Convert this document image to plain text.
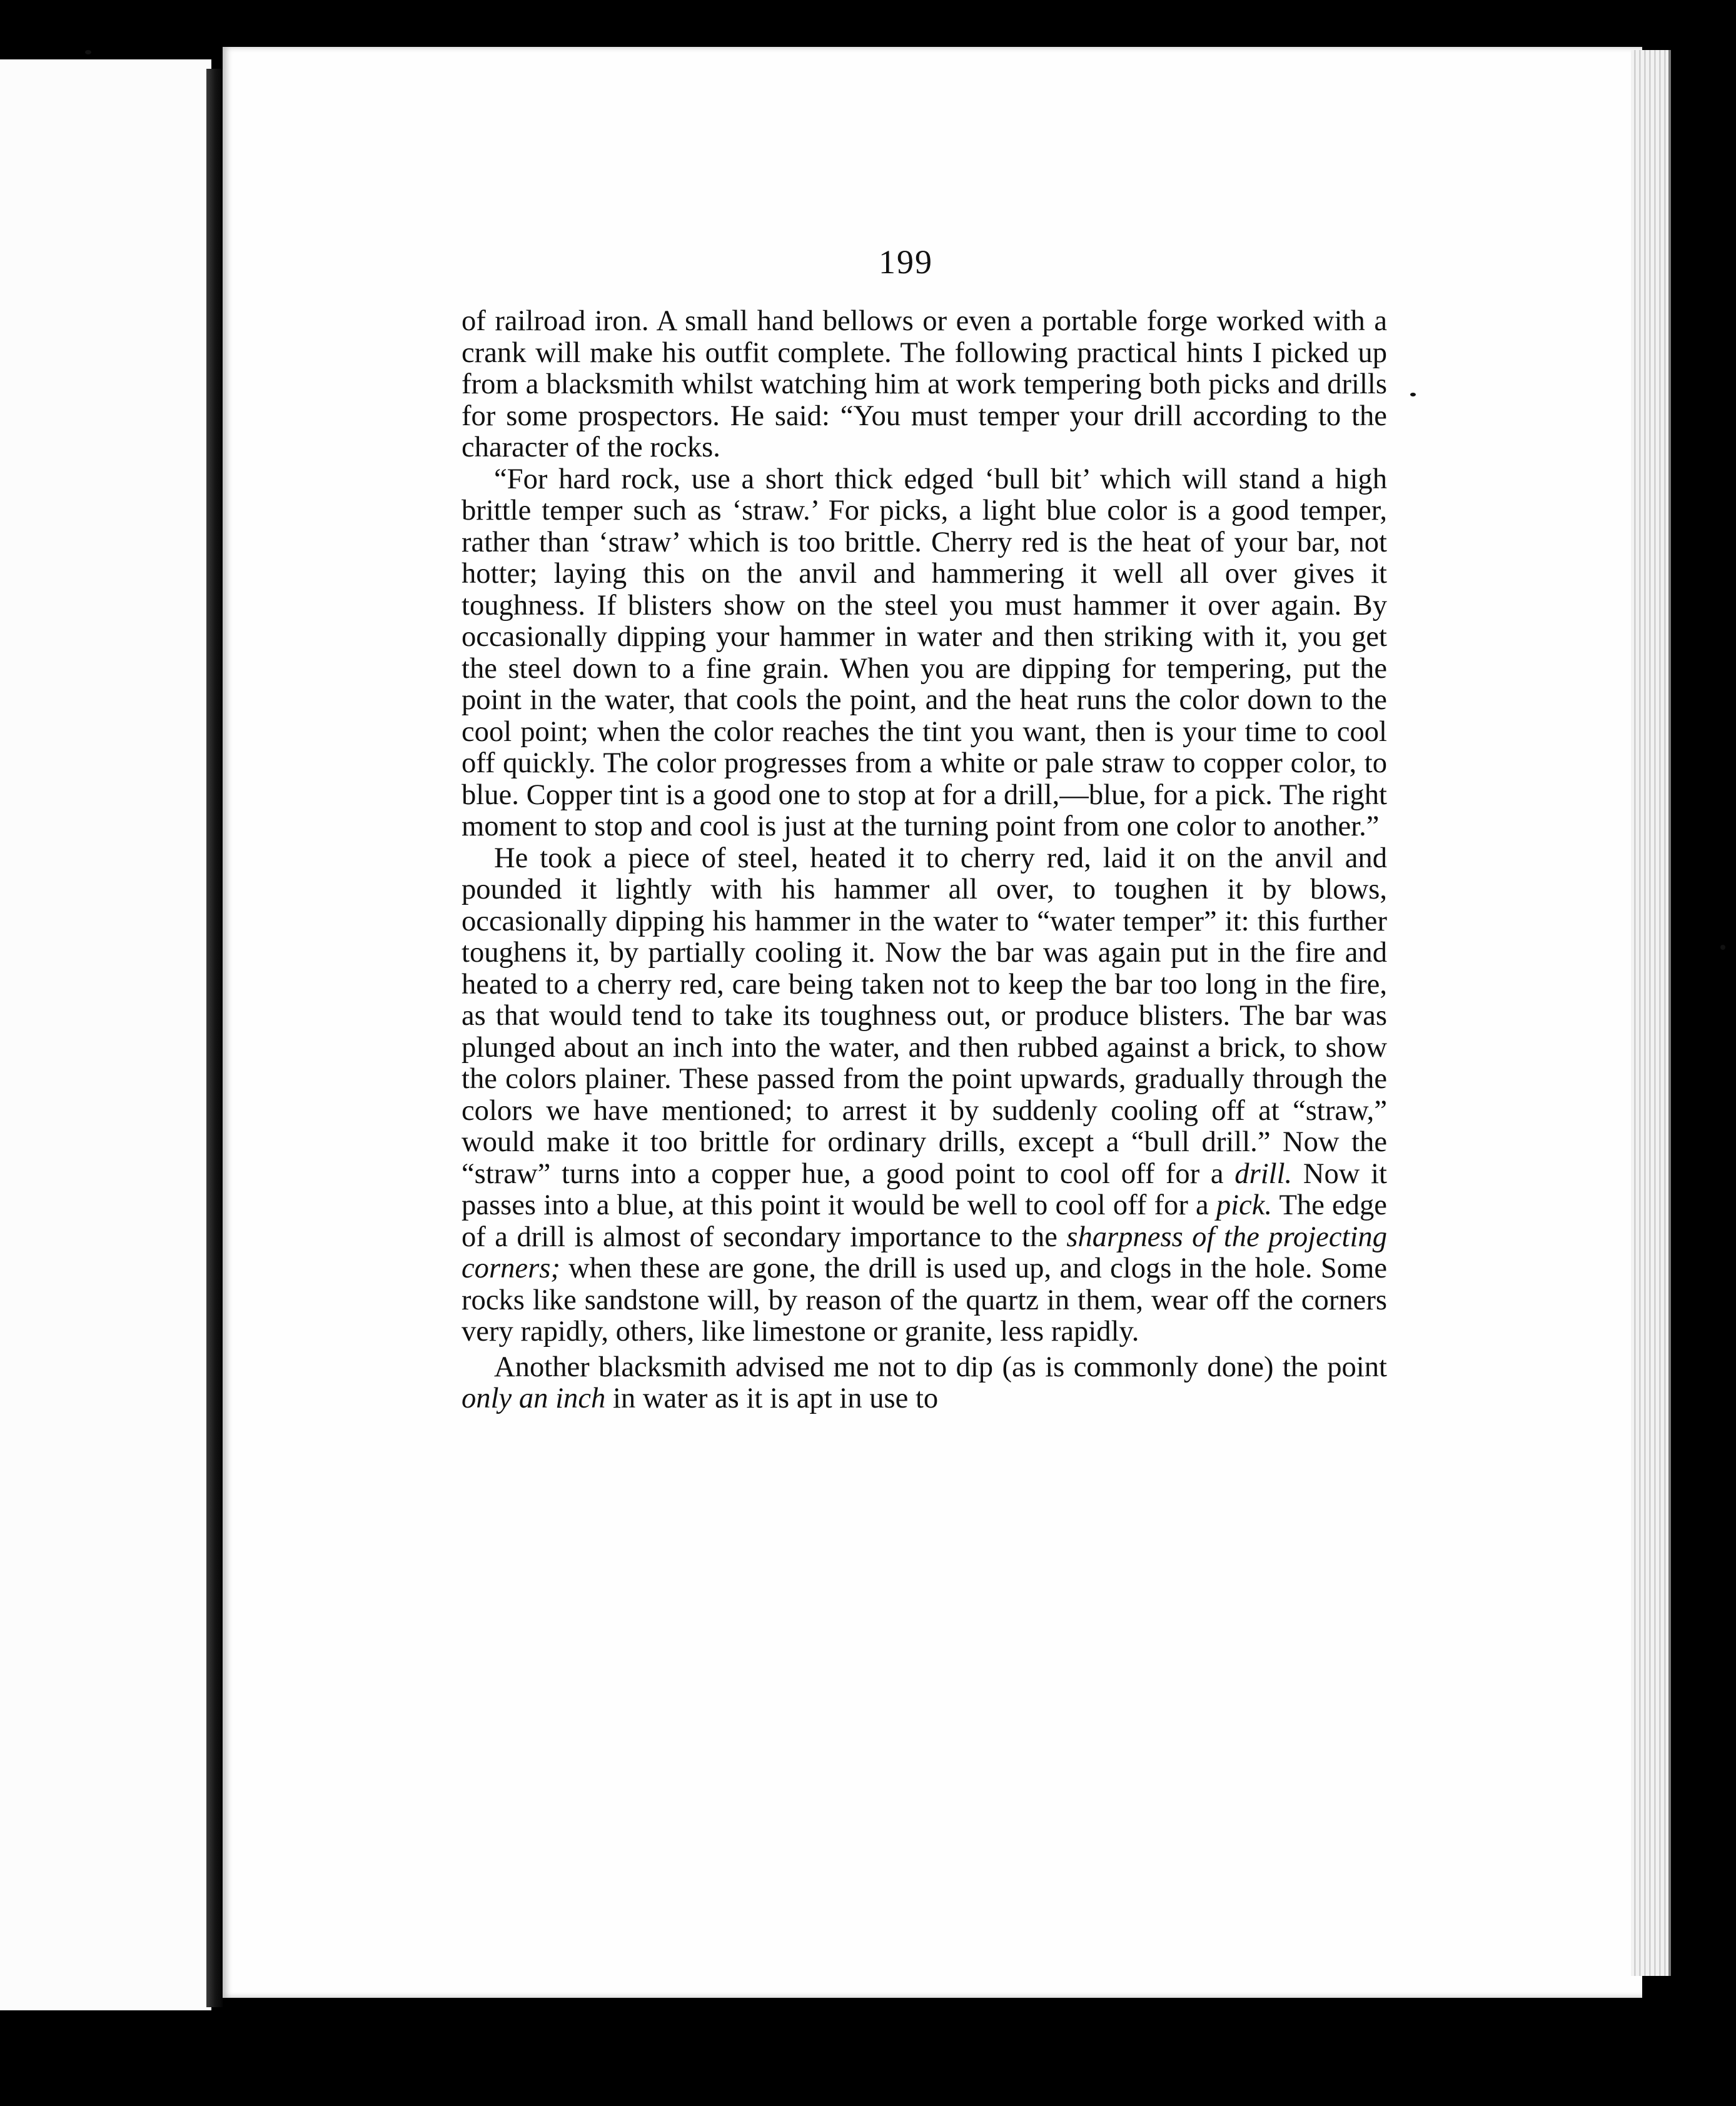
199

of railroad iron. A small hand bellows or even a portable forge worked with a crank will make his outfit complete. The following practical hints I picked up from a blacksmith whilst watching him at work tempering both picks and drills for some prospectors. He said: “You must temper your drill according to the character of the rocks.

“For hard rock, use a short thick edged ‘bull bit’ which will stand a high brittle temper such as ‘straw.’ For picks, a light blue color is a good temper, rather than ‘straw’ which is too brittle. Cherry red is the heat of your bar, not hotter; laying this on the anvil and hammering it well all over gives it toughness. If blisters show on the steel you must hammer it over again. By occasionally dipping your hammer in water and then striking with it, you get the steel down to a fine grain. When you are dipping for tempering, put the point in the water, that cools the point, and the heat runs the color down to the cool point; when the color reaches the tint you want, then is your time to cool off quickly. The color progresses from a white or pale straw to copper color, to blue. Copper tint is a good one to stop at for a drill,—blue, for a pick. The right moment to stop and cool is just at the turning point from one color to another.”

He took a piece of steel, heated it to cherry red, laid it on the anvil and pounded it lightly with his hammer all over, to toughen it by blows, occasionally dipping his hammer in the water to “water temper” it: this further toughens it, by partially cooling it. Now the bar was again put in the fire and heated to a cherry red, care being taken not to keep the bar too long in the fire, as that would tend to take its toughness out, or produce blisters. The bar was plunged about an inch into the water, and then rubbed against a brick, to show the colors plainer. These passed from the point upwards, gradually through the colors we have mentioned; to arrest it by suddenly cooling off at “straw,” would make it too brittle for ordinary drills, except a “bull drill.” Now the “straw” turns into a copper hue, a good point to cool off for a drill. Now it passes into a blue, at this point it would be well to cool off for a pick. The edge of a drill is almost of secondary importance to the sharpness of the projecting corners; when these are gone, the drill is used up, and clogs in the hole. Some rocks like sandstone will, by reason of the quartz in them, wear off the corners very rapidly, others, like limestone or granite, less rapidly.

Another blacksmith advised me not to dip (as is commonly done) the point only an inch in water as it is apt in use to
